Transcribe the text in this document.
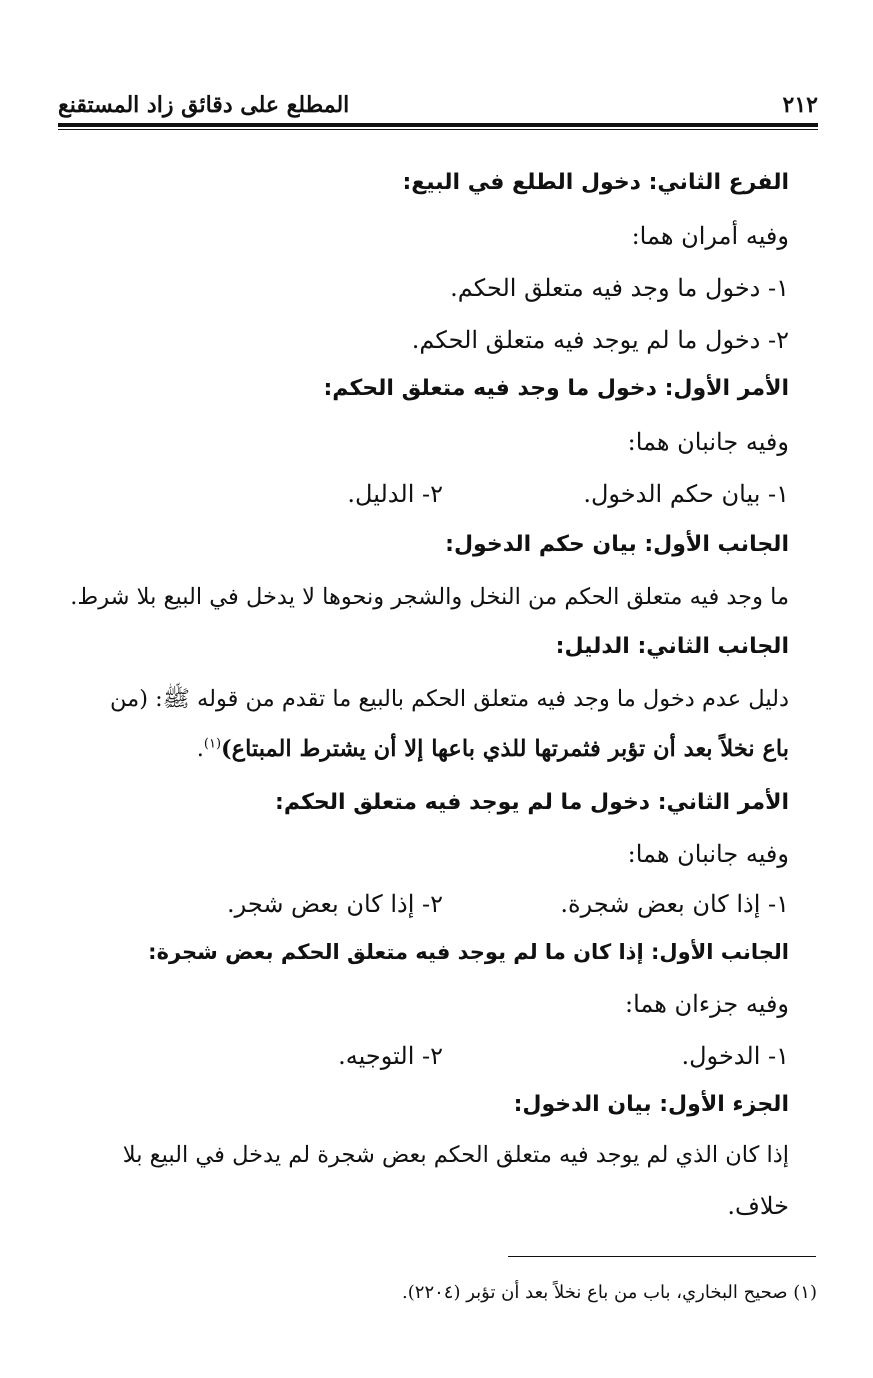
٢١٢
المطلع على دقائق زاد المستقنع
الفرع الثاني: دخول الطلع في البيع:
وفيه أمران هما:
١- دخول ما وجد فيه متعلق الحكم.
٢- دخول ما لم يوجد فيه متعلق الحكم.
الأمر الأول: دخول ما وجد فيه متعلق الحكم:
وفيه جانبان هما:
١- بيان حكم الدخول.
٢- الدليل.
الجانب الأول: بيان حكم الدخول:
ما وجد فيه متعلق الحكم من النخل والشجر ونحوها لا يدخل في البيع بلا شرط.
الجانب الثاني: الدليل:
دليل عدم دخول ما وجد فيه متعلق الحكم بالبيع ما تقدم من قوله ﷺ: (من
باع نخلاً بعد أن تؤبر فثمرتها للذي باعها إلا أن يشترط المبتاع)$^{(١)}$.
الأمر الثاني: دخول ما لم يوجد فيه متعلق الحكم:
وفيه جانبان هما:
١- إذا كان بعض شجرة.
٢- إذا كان بعض شجر.
الجانب الأول: إذا كان ما لم يوجد فيه متعلق الحكم بعض شجرة:
وفيه جزءان هما:
١- الدخول.
٢- التوجيه.
الجزء الأول: بيان الدخول:
إذا كان الذي لم يوجد فيه متعلق الحكم بعض شجرة لم يدخل في البيع بلا
خلاف.
(١) صحيح البخاري، باب من باع نخلاً بعد أن تؤبر (٢٢٠٤).
